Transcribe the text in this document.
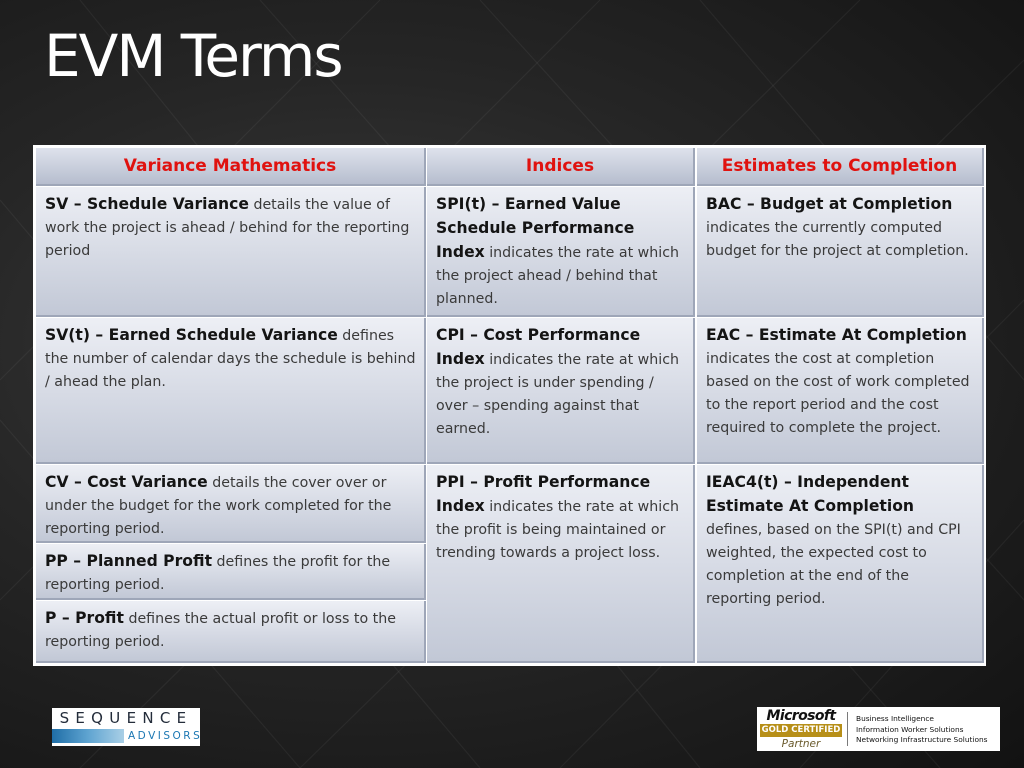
EVM Terms
Variance Mathematics	Indices	Estimates to Completion
SV – Schedule Variance details the value of work the project is ahead / behind for the reporting period
SV(t) – Earned Schedule Variance defines the number of calendar days the schedule is behind / ahead the plan.
CV – Cost Variance details the cover over or under the budget for the work completed for the reporting period.
PP – Planned Profit defines the profit for the reporting period.
P – Profit defines the actual profit or loss to the reporting period.
SPI(t) – Earned Value Schedule Performance Index indicates the rate at which the project ahead / behind that planned.
CPI – Cost Performance Index indicates the rate at which the project is under spending / over – spending against that earned.
PPI – Profit Performance Index indicates the rate at which the profit is being maintained or trending towards a project loss.
BAC – Budget at Completion indicates the currently computed budget for the project at completion.
EAC – Estimate At Completion indicates the cost at completion based on the cost of work completed to the report period and the cost required to complete the project.
IEAC4(t) – Independent Estimate At Completion defines, based on the SPI(t) and CPI weighted, the expected cost to completion at the end of the reporting period.
SEQUENCE
ADVISORS
Microsoft
GOLD CERTIFIED
Partner
Business Intelligence
Information Worker Solutions
Networking Infrastructure Solutions
